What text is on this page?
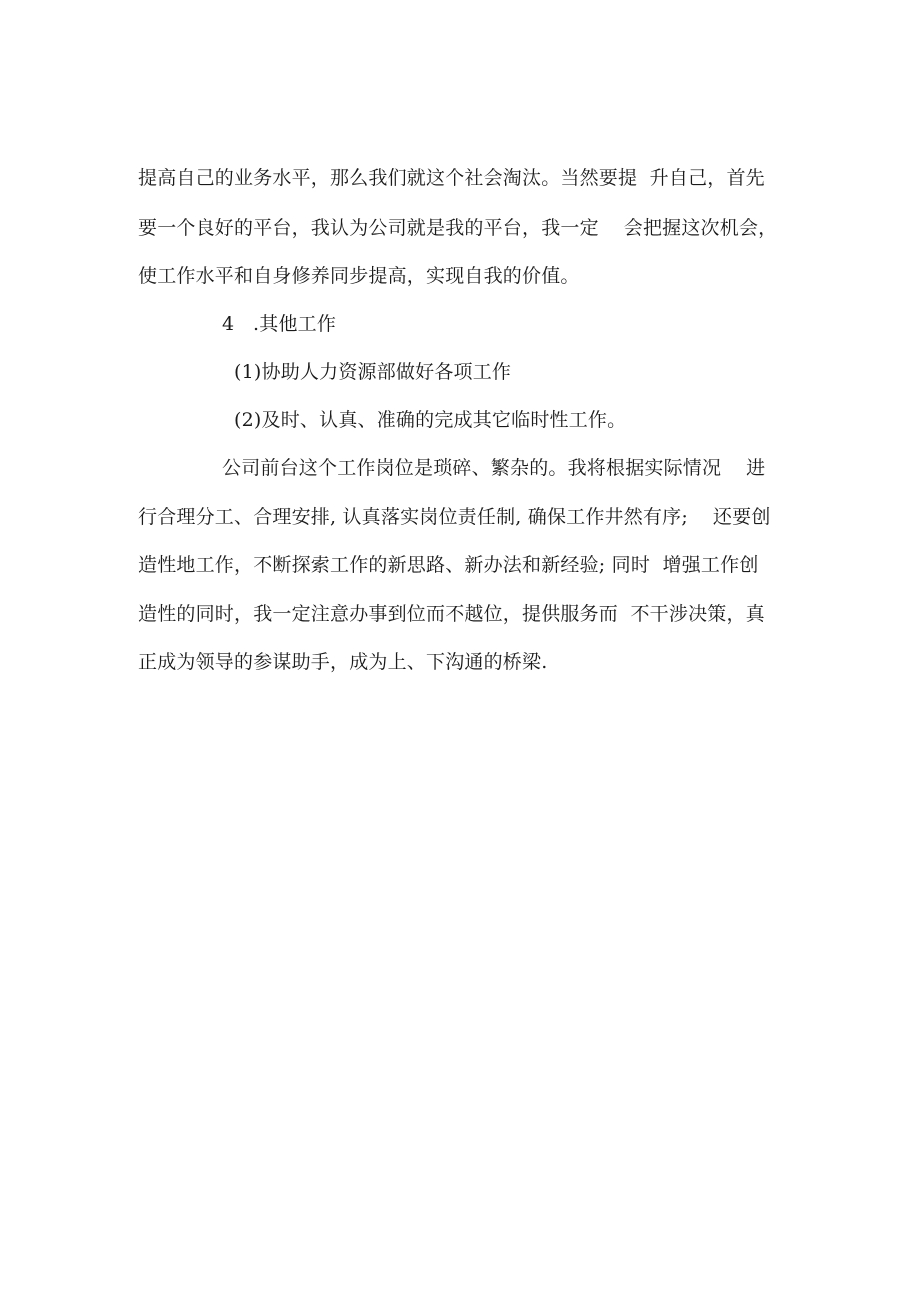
提高自己的业务水平，那么我们就这个社会淘汰。当然要提  升自己，首先
要一个良好的平台，我认为公司就是我的平台，我一定    会把握这次机会，
使工作水平和自身修养同步提高，实现自我的价值。
4   .其他工作
(1)协助人力资源部做好各项工作
(2)及时、认真、准确的完成其它临时性工作。
公司前台这个工作岗位是琐碎、繁杂的。我将根据实际情况    进
行合理分工、合理安排, 认真落实岗位责任制, 确保工作井然有序;    还要创
造性地工作，不断探索工作的新思路、新办法和新经验; 同时  增强工作创
造性的同时，我一定注意办事到位而不越位，提供服务而  不干涉决策，真
正成为领导的参谋助手，成为上、下沟通的桥梁.
